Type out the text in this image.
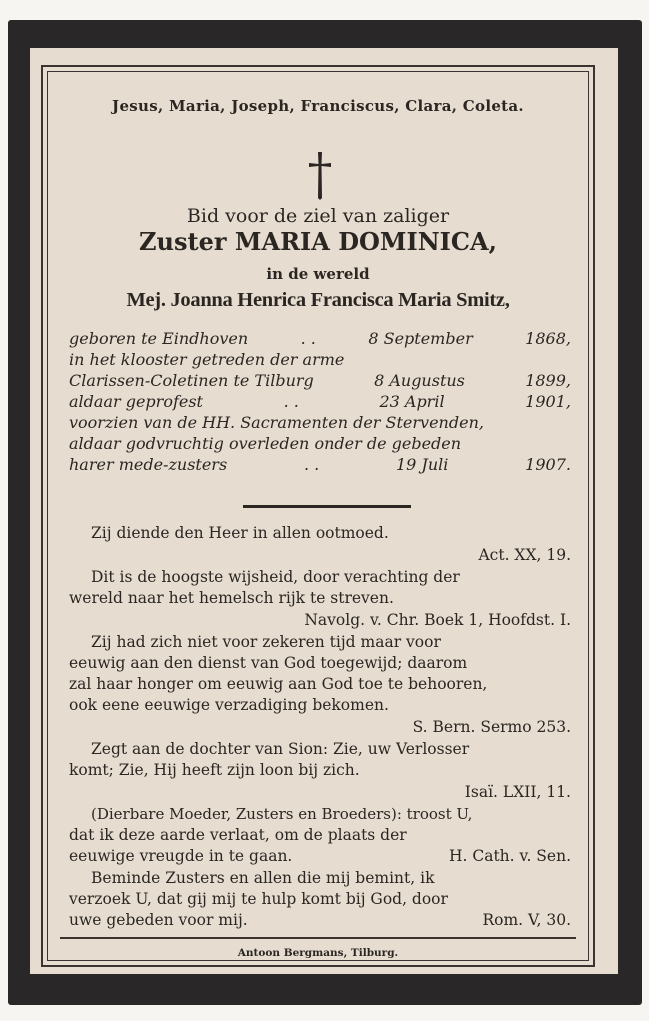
Jesus, Maria, Joseph, Franciscus, Clara, Coleta.
Bid voor de ziel van zaliger
Zuster MARIA DOMINICA,
in de wereld
Mej. Joanna Henrica Francisca Maria Smitz,
geboren te Eindhoven	. .	8 September	1868,
in het klooster getreden der arme
Clarissen-Coletinen te Tilburg	8 Augustus	1899,
aldaar geprofest	. .	23 April	1901,
voorzien van de HH. Sacramenten der Stervenden,
aldaar godvruchtig overleden onder de gebeden
harer mede-zusters	. .	19 Juli	1907.
Zij diende den Heer in allen ootmoed.
Act. XX, 19.
Dit is de hoogste wijsheid, door verachting der
wereld naar het hemelsch rijk te streven.
Navolg. v. Chr. Boek 1, Hoofdst. I.
Zij had zich niet voor zekeren tijd maar voor
eeuwig aan den dienst van God toegewijd; daarom
zal haar honger om eeuwig aan God toe te behooren,
ook eene eeuwige verzadiging bekomen.
S. Bern. Sermo 253.
Zegt aan de dochter van Sion: Zie, uw Verlosser
komt; Zie, Hij heeft zijn loon bij zich.
Isaï. LXII, 11.
(Dierbare Moeder, Zusters en Broeders): troost U,
dat ik deze aarde verlaat, om de plaats der
eeuwige vreugde in te gaan.	H. Cath. v. Sen.
Beminde Zusters en allen die mij bemint, ik
verzoek U, dat gij mij te hulp komt bij God, door
uwe gebeden voor mij.	Rom. V, 30.
Antoon Bergmans, Tilburg.
